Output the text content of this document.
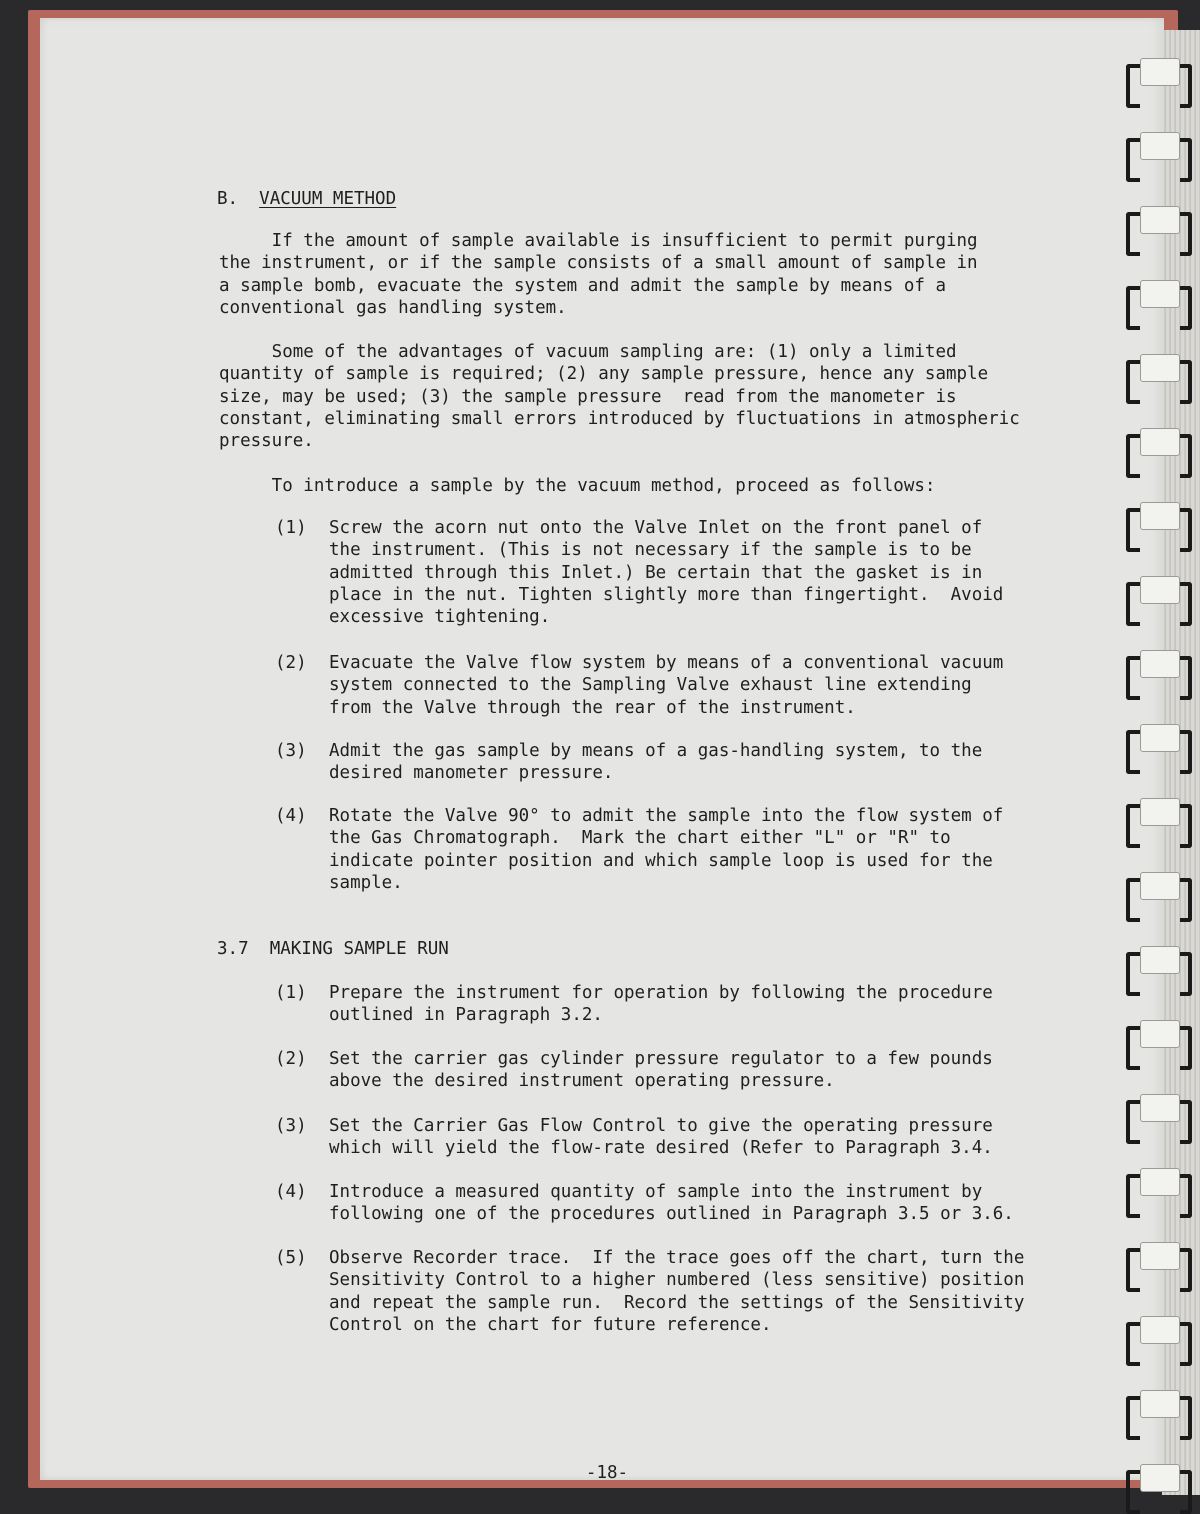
B. VACUUM METHOD

If the amount of sample available is insufficient to permit purging
the instrument, or if the sample consists of a small amount of sample in
a sample bomb, evacuate the system and admit the sample by means of a
conventional gas handling system.

Some of the advantages of vacuum sampling are: (1) only a limited
quantity of sample is required; (2) any sample pressure, hence any sample
size, may be used; (3) the sample pressure  read from the manometer is
constant, eliminating small errors introduced by fluctuations in atmospheric
pressure.

To introduce a sample by the vacuum method, proceed as follows:

(1) Screw the acorn nut onto the Valve Inlet on the front panel of
the instrument. (This is not necessary if the sample is to be
admitted through this Inlet.) Be certain that the gasket is in
place in the nut. Tighten slightly more than fingertight.  Avoid
excessive tightening.
(2) Evacuate the Valve flow system by means of a conventional vacuum
system connected to the Sampling Valve exhaust line extending
from the Valve through the rear of the instrument.
(3) Admit the gas sample by means of a gas-handling system, to the
desired manometer pressure.
(4) Rotate the Valve 90° to admit the sample into the flow system of
the Gas Chromatograph.  Mark the chart either "L" or "R" to
indicate pointer position and which sample loop is used for the
sample.
3.7 MAKING SAMPLE RUN
(1) Prepare the instrument for operation by following the procedure
outlined in Paragraph 3.2.
(2) Set the carrier gas cylinder pressure regulator to a few pounds
above the desired instrument operating pressure.
(3) Set the Carrier Gas Flow Control to give the operating pressure
which will yield the flow-rate desired (Refer to Paragraph 3.4.
(4) Introduce a measured quantity of sample into the instrument by
following one of the procedures outlined in Paragraph 3.5 or 3.6.
(5) Observe Recorder trace.  If the trace goes off the chart, turn the
Sensitivity Control to a higher numbered (less sensitive) position
and repeat the sample run.  Record the settings of the Sensitivity
Control on the chart for future reference.
-18-
